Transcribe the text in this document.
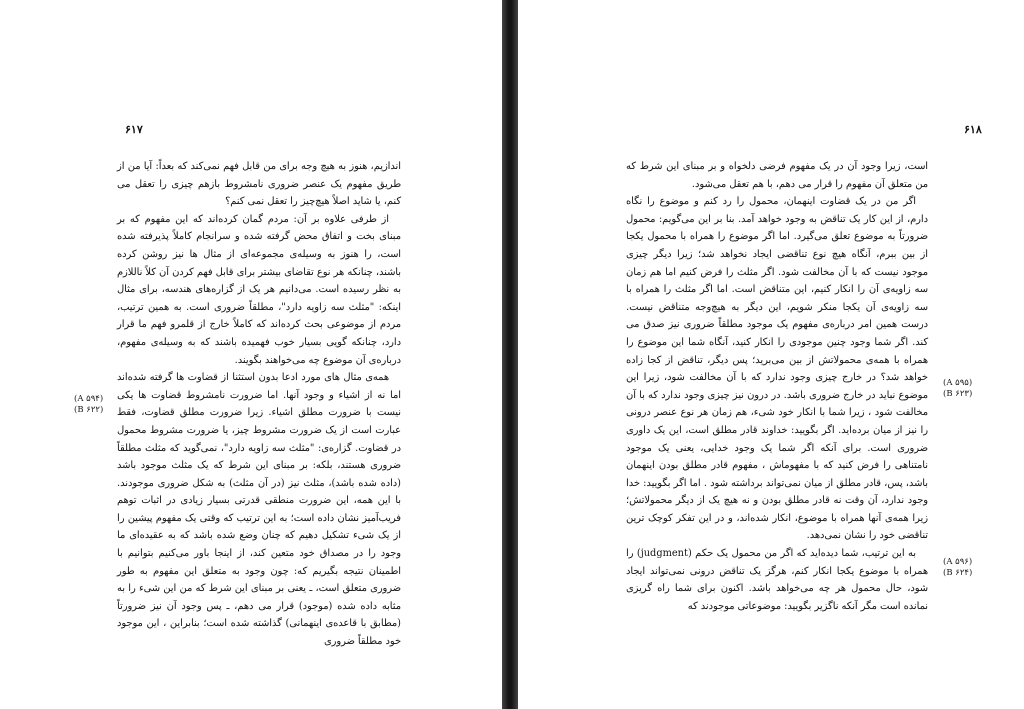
۶۱۷

اندازیم، هنوز به هیچ وجه برای من قابل فهم نمی‌کند که بعداً: آیا من از طریق مفهوم یک عنصر ضروری نامشروط بازهم چیزی را تعقل می کنم، یا شاید اصلاً هیچ‌چیز را تعقل نمی کنم؟

از طرفی علاوه بر آن: مردم گمان کرده‌اند که این مفهوم که بر مبنای بخت و اتفاق محض گرفته شده و سرانجام کاملاً پذیرفته شده است، را هنوز به وسیله‌ی مجموعه‌ای از مثال ها نیز روشن کرده باشند، چنانکه هر نوع تقاضای بیشتر برای قابل فهم کردن آن کلاً ناللازم به نظر رسیده است. می‌دانیم هر یک از گزاره‌های هندسه، برای مثال اینکه: "مثلث سه زاویه دارد"، مطلقاً ضروری است. به همین ترتیب، مردم از موضوعی بحث کرده‌اند که کاملاً خارج از قلمرو فهم ما قرار دارد، چنانکه گویی بسیار خوب فهمیده باشند که به وسیله‌ی مفهوم، درباره‌ی آن موضوع چه می‌خواهند بگویند.

همه‌ی مثال های مورد ادعا بدون استثنا از قضاوت ها گرفته شده‌اند اما نه از اشیاء و وجود آنها. اما ضرورت نامشروط قضاوت ها یکی نیست با ضرورت مطلق اشیاء. زیرا ضرورت مطلق قضاوت، فقط عبارت است از یک ضرورت مشروط چیز، یا ضرورت مشروط محمول در قضاوت. گزاره‌ی: "مثلث سه زاویه دارد"، نمی‌گوید که مثلث مطلقاً ضروری هستند، بلکه: بر مبنای این شرط که یک مثلث موجود باشد (داده شده باشد)، مثلث نیز (در آن مثلث) به شکل ضروری موجودند. با این همه، این ضرورت منطقی قدرتی بسیار زیادی در اثبات توهم فریب‌آمیز نشان داده است؛ به این ترتیب که وقتی یک مفهوم پیشین را از یک شیء تشکیل دهیم که چنان وضع شده باشد که به عقیده‌ای ما وجود را در مصداق خود متعین کند، از اینجا باور می‌کنیم بتوانیم با اطمینان نتیجه بگیریم که: چون وجود به متعلق این مفهوم به طور ضروری متعلق است، ـ یعنی بر مبنای این شرط که من این شیء را به مثابه داده شده (موجود) قرار می دهم، ـ پس وجود آن نیز ضرورتاً (مطابق با قاعده‌ی اینهمانی) گذاشته شده است؛ بنابراین ، این موجود خود مطلقاً ضروری

(A ۵۹۴)
(B ۶۲۲)
۶۱۸

است، زیرا وجود آن در یک مفهوم فرضی دلخواه و بر مبنای این شرط که من متعلق آن مفهوم را قرار می دهم، با هم تعقل می‌شود.

اگر من در یک قضاوت اینهمان، محمول را رد کنم و موضوع را نگاه دارم، از این کار یک تناقض به وجود خواهد آمد. بنا بر این می‌گویم: محمول ضرورتاً به موضوع تعلق می‌گیرد. اما اگر موضوع را همراه با محمول یکجا از بین ببرم، آنگاه هیچ نوع تناقضی ایجاد نخواهد شد؛ زیرا دیگر چیزی موجود نیست که با آن مخالفت شود. اگر مثلث را فرض کنیم اما هم زمان سه زاویه‌ی آن را انکار کنیم، این متناقض است. اما اگر مثلث را همراه با سه زاویه‌ی آن یکجا منکر شویم، این دیگر به هیچ‌وجه متناقض نیست. درست همین امر درباره‌ی مفهوم یک موجود مطلقاً ضروری نیز صدق می کند. اگر شما وجود چنین موجودی را انکار کنید، آنگاه شما این موضوع را همراه با همه‌ی محمولاتش از بین می‌برید؛ پس دیگر، تناقض از کجا زاده خواهد شد؟ در خارج چیزی وجود ندارد که با آن مخالفت شود، زیرا این موضوع نباید در خارج ضروری باشد. در درون نیز چیزی وجود ندارد که با آن مخالفت شود ، زیرا شما با انکار خود شیء، هم زمان هر نوع عنصر درونی را نیز از میان برده‌اید. اگر بگویید: خداوند قادر مطلق است، این یک داوری ضروری است. برای آنکه اگر شما یک وجود خدایی، یعنی یک موجود نامتناهی را فرض کنید که با مفهوماش ، مفهوم قادر مطلق بودن اینهمان باشد، پس، قادر مطلق از میان نمی‌تواند برداشته شود . اما اگر بگویید: خدا وجود ندارد، آن وقت نه قادر مطلق بودن و نه هیچ یک از دیگر محمولاتش؛ زیرا همه‌ی آنها همراه با موضوع، انکار شده‌اند، و در این تفکر کوچک ترین تناقضی خود را نشان نمی‌دهد.

به این ترتیب، شما دیده‌اید که اگر من محمول یک حکم (judgment) را همراه با موضوع یکجا انکار کنم، هرگز یک تناقض درونی نمی‌تواند ایجاد شود، حال محمول هر چه می‌خواهد باشد. اکنون برای شما راه گریزی نمانده است مگر آنکه ناگزیر بگویید: موضوعاتی موجودند که

(A ۵۹۵)
(B ۶۲۳)
(A ۵۹۶)
(B ۶۲۴)
